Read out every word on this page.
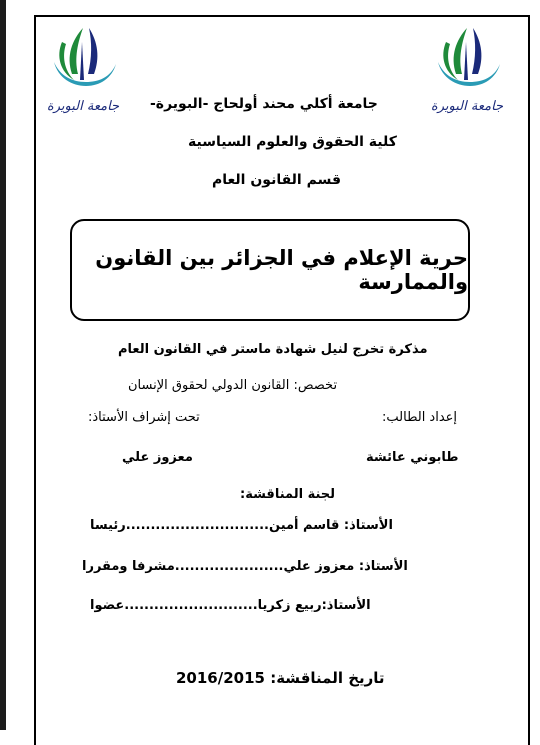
جامعة البويرة	جامعة البويرة
جامعة أكلي محند أولحاج -البويرة-
كلية الحقوق والعلوم السياسية
قسم القانون العام
حرية الإعلام في الجزائر بين القانون والممارسة
مذكرة تخرج لنيل شهادة ماستر في القانون العام
تخصص: القانون الدولي لحقوق الإنسان
إعداد الطالب:
تحت إشراف الأستاذ:
طابوني عائشة
معزوز علي
لجنة المناقشة:
الأستاذ: قاسم أمين.............................رئيسا
الأستاذ: معزوز علي......................مشرفا ومقررا
الأستاذ:ربيع زكريا...........................عضوا
تاريخ المناقشة: 2016/2015
